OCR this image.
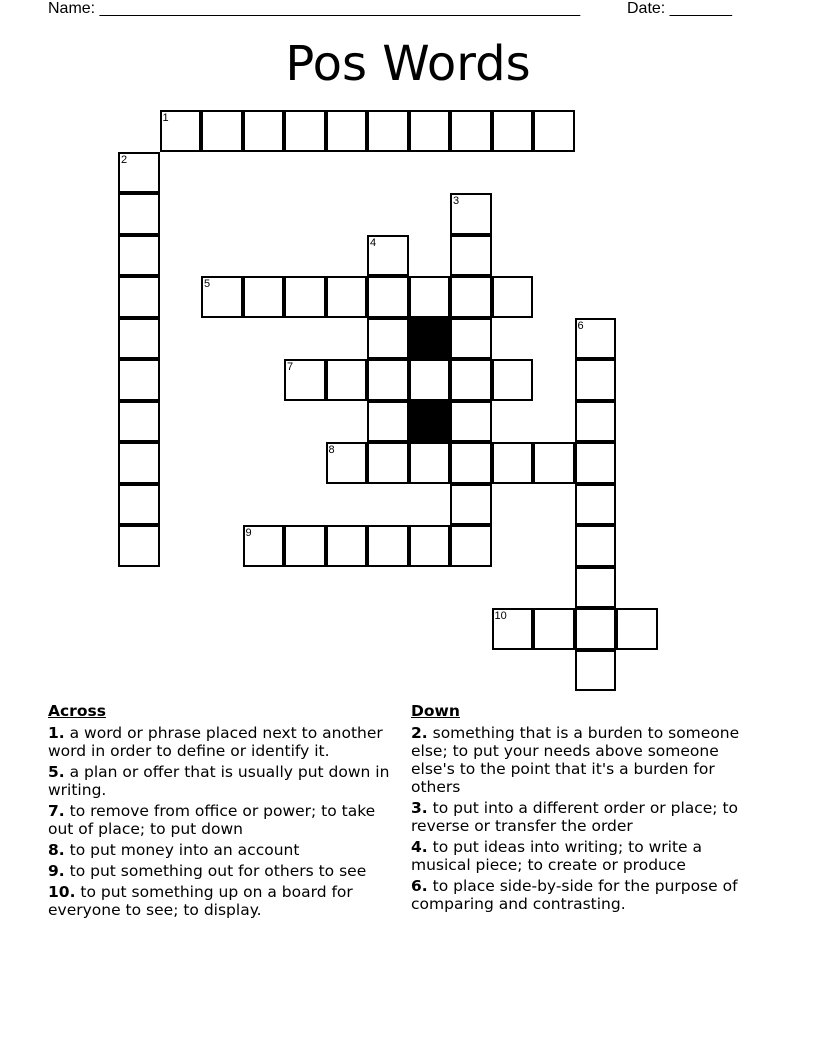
Name: ______________________________________________________	Date: _______
Pos Words
1
2
3
4
5
6
7
8
9
10
Across
1. a word or phrase placed next to another word in order to define or identify it.
5. a plan or offer that is usually put down in writing.
7. to remove from office or power; to take out of place; to put down
8. to put money into an account
9. to put something out for others to see
10. to put something up on a board for everyone to see; to display.
Down
2. something that is a burden to someone else; to put your needs above someone else's to the point that it's a burden for others
3. to put into a different order or place; to reverse or transfer the order
4. to put ideas into writing; to write a musical piece; to create or produce
6. to place side-by-side for the purpose of comparing and contrasting.
